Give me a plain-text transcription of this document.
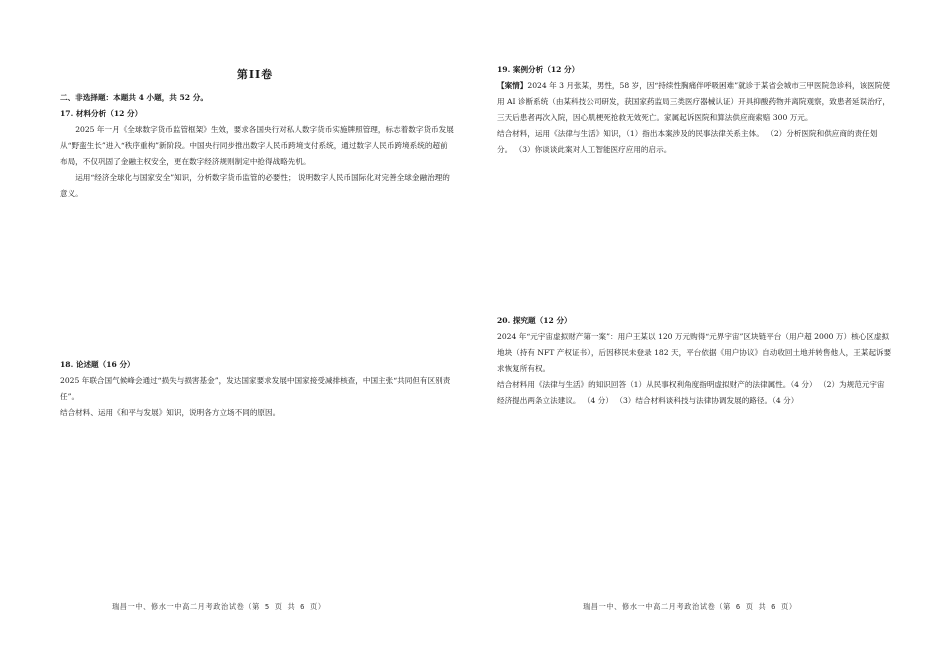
第II卷

二、非选择题：本题共 4 小题，共 52 分。

17. 材料分析（12 分）

2025 年一月《全球数字货币监管框架》生效，要求各国央行对私人数字货币实施牌照管理，标志着数字货币发展从“野蛮生长”进入“秩序重构”新阶段。中国央行同步推出数字人民币跨境支付系统，通过数字人民币跨境系统的超前布局，不仅巩固了金融主权安全，更在数字经济规则制定中抢得战略先机。

运用“经济全球化与国家安全”知识，分析数字货币监管的必要性； 说明数字人民币国际化对完善全球金融治理的意义。

18. 论述题（16 分）

2025 年联合国气候峰会通过“损失与损害基金”，发达国家要求发展中国家接受减排核查，中国主张“共同但有区别责任”。

结合材料、运用《和平与发展》知识，说明各方立场不同的原因。

瑞昌一中、修水一中高二月考政治试卷（第 5 页 共 6 页）

19. 案例分析（12 分）

【案情】2024 年 3 月张某，男性，58 岁，因“持续性胸痛伴呼吸困难”就诊于某省会城市三甲医院急诊科，该医院使用 AI 诊断系统（由某科技公司研发，获国家药监局三类医疗器械认证）开具抑酸药物并离院观察，致患者延误治疗，三天后患者再次入院，因心肌梗死抢救无效死亡。家属起诉医院和算法供应商索赔 300 万元。

结合材料，运用《法律与生活》知识，（1）指出本案涉及的民事法律关系主体。 （2）分析医院和供应商的责任划分。 （3）你谈谈此案对人工智能医疗应用的启示。

20. 探究题（12 分）

2024 年“元宇宙虚拟财产第一案”：用户王某以 120 万元购得“元界宇宙”区块链平台（用户超 2000 万）核心区虚拟地块（持有 NFT 产权证书），后因移民未登录 182 天，平台依据《用户协议》自动收回土地并转售他人，王某起诉要求恢复所有权。

结合材料用《法律与生活》的知识回答（1）从民事权利角度指明虚拟财产的法律属性。（4 分） （2）为规范元宇宙经济提出两条立法建议。 （4 分） （3）结合材料谈科技与法律协调发展的路径。（4 分）

瑞昌一中、修水一中高二月考政治试卷（第 6 页 共 6 页）
